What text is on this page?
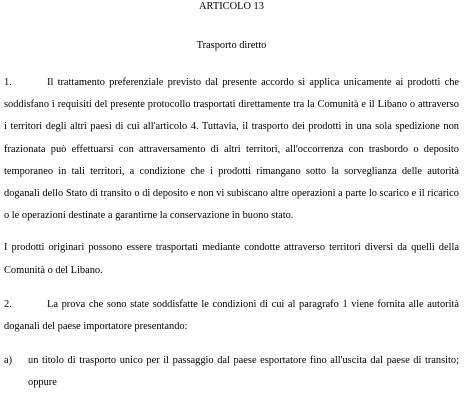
ARTICOLO 13

Trasporto diretto

1.	Il trattamento preferenziale previsto dal presente accordo si applica unicamente ai prodotti che soddisfano i requisiti del presente protocollo trasportati direttamente tra la Comunità e il Libano o attraverso i territori degli altri paesi di cui all'articolo 4. Tuttavia, il trasporto dei prodotti in una sola spedizione non frazionata può effettuarsi con attraversamento di altri territori, all'occorrenza con trasbordo o deposito temporaneo in tali territori, a condizione che i prodotti rimangano sotto la sorveglianza delle autorità doganali dello Stato di transito o di deposito e non vi subiscano altre operazioni a parte lo scarico e il ricarico o le operazioni destinate a garantirne la conservazione in buono stato.

I prodotti originari possono essere trasportati mediante condotte attraverso territori diversi da quelli della Comunità o del Libano.

2.	La prova che sono state soddisfatte le condizioni di cui al paragrafo 1 viene fornita alle autorità doganali del paese importatore presentando:

a)	un titolo di trasporto unico per il passaggio dal paese esportatore fino all'uscita dal paese di transito; oppure
